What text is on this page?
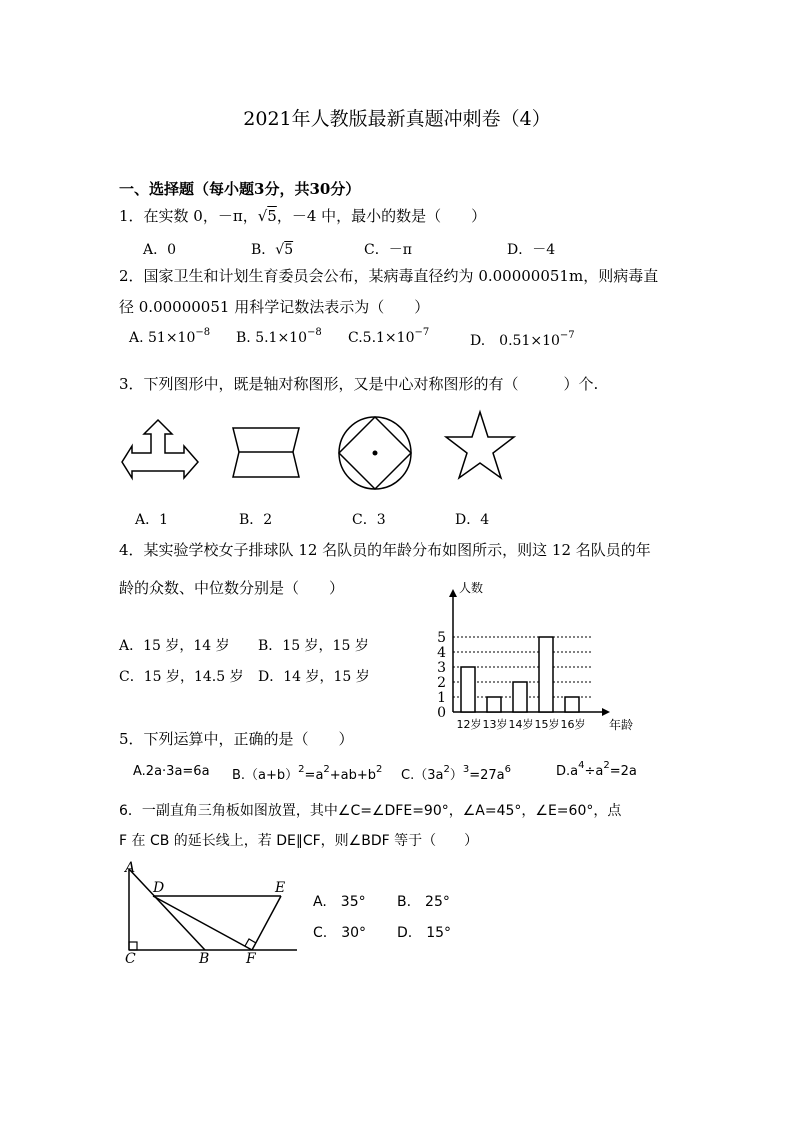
2021年人教版最新真题冲刺卷（4）
一、选择题（每小题3分，共30分）
1．在实数 0，－π，√5，－4 中，最小的数是（　　）
A．0	B．√5	C．－π	D．－4
2．国家卫生和计划生育委员会公布，某病毒直径约为 0.00000051m，则病毒直
径 0.00000051 用科学记数法表示为（　　）
A. $51\times 10^{-8}$ B. $5.1\times 10^{-8}$ $C.5.1\times 10^{-7}$
D.　$0.51\times 10^{-7}$
3．下列图形中，既是轴对称图形，又是中心对称图形的有（　　　）个.
A．1	B．2	C．3	D．4
4．某实验学校女子排球队 12 名队员的年龄分布如图所示，则这 12 名队员的年
龄的众数、中位数分别是（　　）
A．15 岁，14 岁 B．15 岁，15 岁
C．15 岁，14.5 岁 D．14 岁，15 岁
0
1
2
3
4
5
12岁 13岁 14岁 15岁 16岁
人数
年龄
5．下列运算中，正确的是（　　）
A.2a·3a=6a $B.(a+b)^2=a^2+ab+b^2$ $C.(3a^2)^3=27a^6$	$D.a^4\div a^2=2a$
6．一副直角三角板如图放置，其中∠C=∠DFE=90°，∠A=45°，∠E=60°，点
F 在 CB 的延长线上，若 DE∥CF，则∠BDF 等于（　　）
A
D	E
C	B	F
A.　35° B.　25°
C.　30° D.　15°
